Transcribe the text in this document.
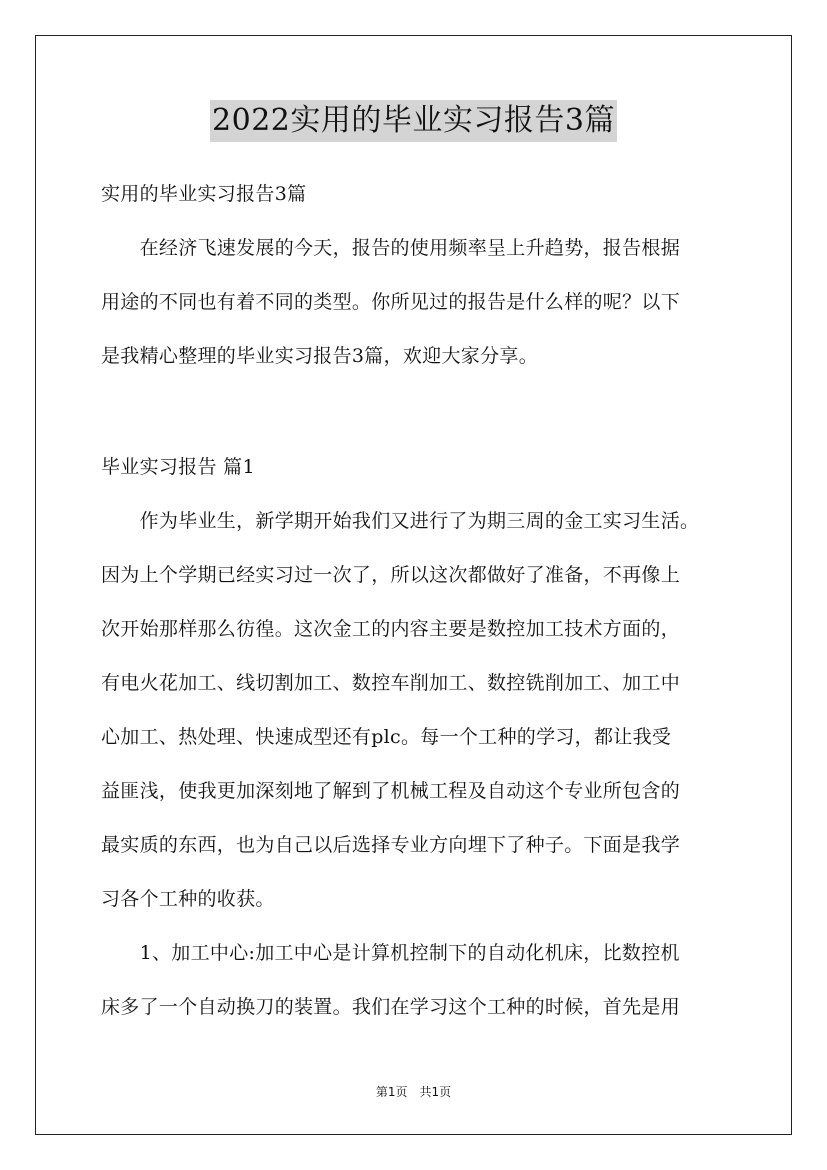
2022实用的毕业实习报告3篇
实用的毕业实习报告3篇
　　在经济飞速发展的今天，报告的使用频率呈上升趋势，报告根据
用途的不同也有着不同的类型。你所见过的报告是什么样的呢？以下
是我精心整理的毕业实习报告3篇，欢迎大家分享。
毕业实习报告 篇1
　　作为毕业生，新学期开始我们又进行了为期三周的金工实习生活。
因为上个学期已经实习过一次了，所以这次都做好了准备，不再像上
次开始那样那么彷徨。这次金工的内容主要是数控加工技术方面的，
有电火花加工、线切割加工、数控车削加工、数控铣削加工、加工中
心加工、热处理、快速成型还有plc。每一个工种的学习，都让我受
益匪浅，使我更加深刻地了解到了机械工程及自动这个专业所包含的
最实质的东西，也为自己以后选择专业方向埋下了种子。下面是我学
习各个工种的收获。
　　1、加工中心:加工中心是计算机控制下的自动化机床，比数控机
床多了一个自动换刀的装置。我们在学习这个工种的时候，首先是用
第1页 共1页
